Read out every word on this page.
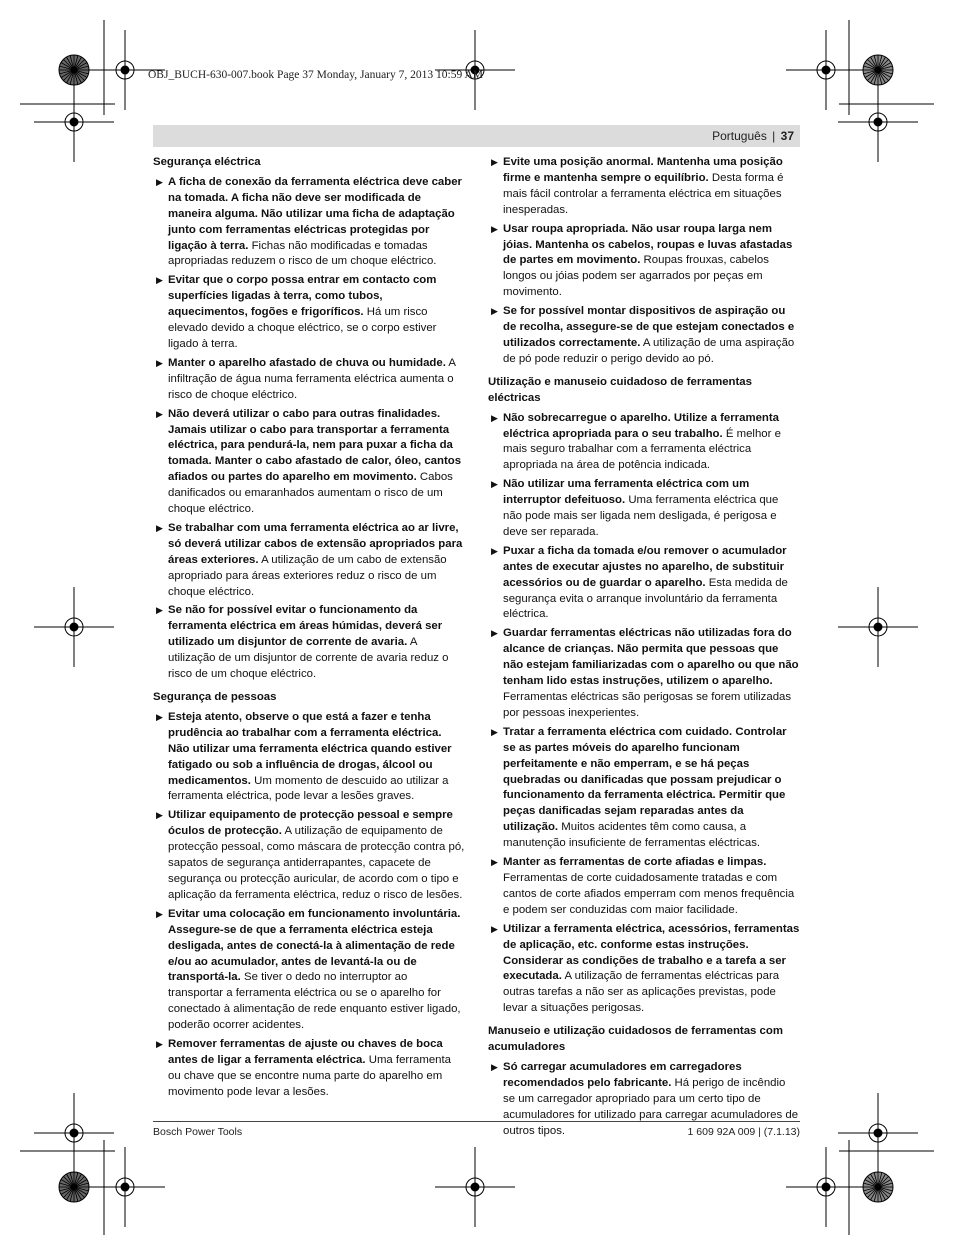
OBJ_BUCH-630-007.book Page 37 Monday, January 7, 2013 10:59 AM
Português | 37
Segurança eléctrica
▶ A ficha de conexão da ferramenta eléctrica deve caber na tomada. A ficha não deve ser modificada de maneira alguma. Não utilizar uma ficha de adaptação junto com ferramentas eléctricas protegidas por ligação à terra. Fichas não modificadas e tomadas apropriadas reduzem o risco de um choque eléctrico.
▶ Evitar que o corpo possa entrar em contacto com superfícies ligadas à terra, como tubos, aquecimentos, fogões e frigoríficos. Há um risco elevado devido a choque eléctrico, se o corpo estiver ligado à terra.
▶ Manter o aparelho afastado de chuva ou humidade. A infiltração de água numa ferramenta eléctrica aumenta o risco de choque eléctrico.
▶ Não deverá utilizar o cabo para outras finalidades. Jamais utilizar o cabo para transportar a ferramenta eléctrica, para pendurá-la, nem para puxar a ficha da tomada. Manter o cabo afastado de calor, óleo, cantos afiados ou partes do aparelho em movimento. Cabos danificados ou emaranhados aumentam o risco de um choque eléctrico.
▶ Se trabalhar com uma ferramenta eléctrica ao ar livre, só deverá utilizar cabos de extensão apropriados para áreas exteriores. A utilização de um cabo de extensão apropriado para áreas exteriores reduz o risco de um choque eléctrico.
▶ Se não for possível evitar o funcionamento da ferramenta eléctrica em áreas húmidas, deverá ser utilizado um disjuntor de corrente de avaria. A utilização de um disjuntor de corrente de avaria reduz o risco de um choque eléctrico.
Segurança de pessoas
▶ Esteja atento, observe o que está a fazer e tenha prudência ao trabalhar com a ferramenta eléctrica. Não utilizar uma ferramenta eléctrica quando estiver fatigado ou sob a influência de drogas, álcool ou medicamentos. Um momento de descuido ao utilizar a ferramenta eléctrica, pode levar a lesões graves.
▶ Utilizar equipamento de protecção pessoal e sempre óculos de protecção. A utilização de equipamento de protecção pessoal, como máscara de protecção contra pó, sapatos de segurança antiderrapantes, capacete de segurança ou protecção auricular, de acordo com o tipo e aplicação da ferramenta eléctrica, reduz o risco de lesões.
▶ Evitar uma colocação em funcionamento involuntária. Assegure-se de que a ferramenta eléctrica esteja desligada, antes de conectá-la à alimentação de rede e/ou ao acumulador, antes de levantá-la ou de transportá-la. Se tiver o dedo no interruptor ao transportar a ferramenta eléctrica ou se o aparelho for conectado à alimentação de rede enquanto estiver ligado, poderão ocorrer acidentes.
▶ Remover ferramentas de ajuste ou chaves de boca antes de ligar a ferramenta eléctrica. Uma ferramenta ou chave que se encontre numa parte do aparelho em movimento pode levar a lesões.
▶ Evite uma posição anormal. Mantenha uma posição firme e mantenha sempre o equilíbrio. Desta forma é mais fácil controlar a ferramenta eléctrica em situações inesperadas.
▶ Usar roupa apropriada. Não usar roupa larga nem jóias. Mantenha os cabelos, roupas e luvas afastadas de partes em movimento. Roupas frouxas, cabelos longos ou jóias podem ser agarrados por peças em movimento.
▶ Se for possível montar dispositivos de aspiração ou de recolha, assegure-se de que estejam conectados e utilizados correctamente. A utilização de uma aspiração de pó pode reduzir o perigo devido ao pó.
Utilização e manuseio cuidadoso de ferramentas eléctricas
▶ Não sobrecarregue o aparelho. Utilize a ferramenta eléctrica apropriada para o seu trabalho. É melhor e mais seguro trabalhar com a ferramenta eléctrica apropriada na área de potência indicada.
▶ Não utilizar uma ferramenta eléctrica com um interruptor defeituoso. Uma ferramenta eléctrica que não pode mais ser ligada nem desligada, é perigosa e deve ser reparada.
▶ Puxar a ficha da tomada e/ou remover o acumulador antes de executar ajustes no aparelho, de substituir acessórios ou de guardar o aparelho. Esta medida de segurança evita o arranque involuntário da ferramenta eléctrica.
▶ Guardar ferramentas eléctricas não utilizadas fora do alcance de crianças. Não permita que pessoas que não estejam familiarizadas com o aparelho ou que não tenham lido estas instruções, utilizem o aparelho. Ferramentas eléctricas são perigosas se forem utilizadas por pessoas inexperientes.
▶ Tratar a ferramenta eléctrica com cuidado. Controlar se as partes móveis do aparelho funcionam perfeitamente e não emperram, e se há peças quebradas ou danificadas que possam prejudicar o funcionamento da ferramenta eléctrica. Permitir que peças danificadas sejam reparadas antes da utilização. Muitos acidentes têm como causa, a manutenção insuficiente de ferramentas eléctricas.
▶ Manter as ferramentas de corte afiadas e limpas. Ferramentas de corte cuidadosamente tratadas e com cantos de corte afiados emperram com menos frequência e podem ser conduzidas com maior facilidade.
▶ Utilizar a ferramenta eléctrica, acessórios, ferramentas de aplicação, etc. conforme estas instruções. Considerar as condições de trabalho e a tarefa a ser executada. A utilização de ferramentas eléctricas para outras tarefas a não ser as aplicações previstas, pode levar a situações perigosas.
Manuseio e utilização cuidadosos de ferramentas com acumuladores
▶ Só carregar acumuladores em carregadores recomendados pelo fabricante. Há perigo de incêndio se um carregador apropriado para um certo tipo de acumuladores for utilizado para carregar acumuladores de outros tipos.
Bosch Power Tools	1 609 92A 009 | (7.1.13)
